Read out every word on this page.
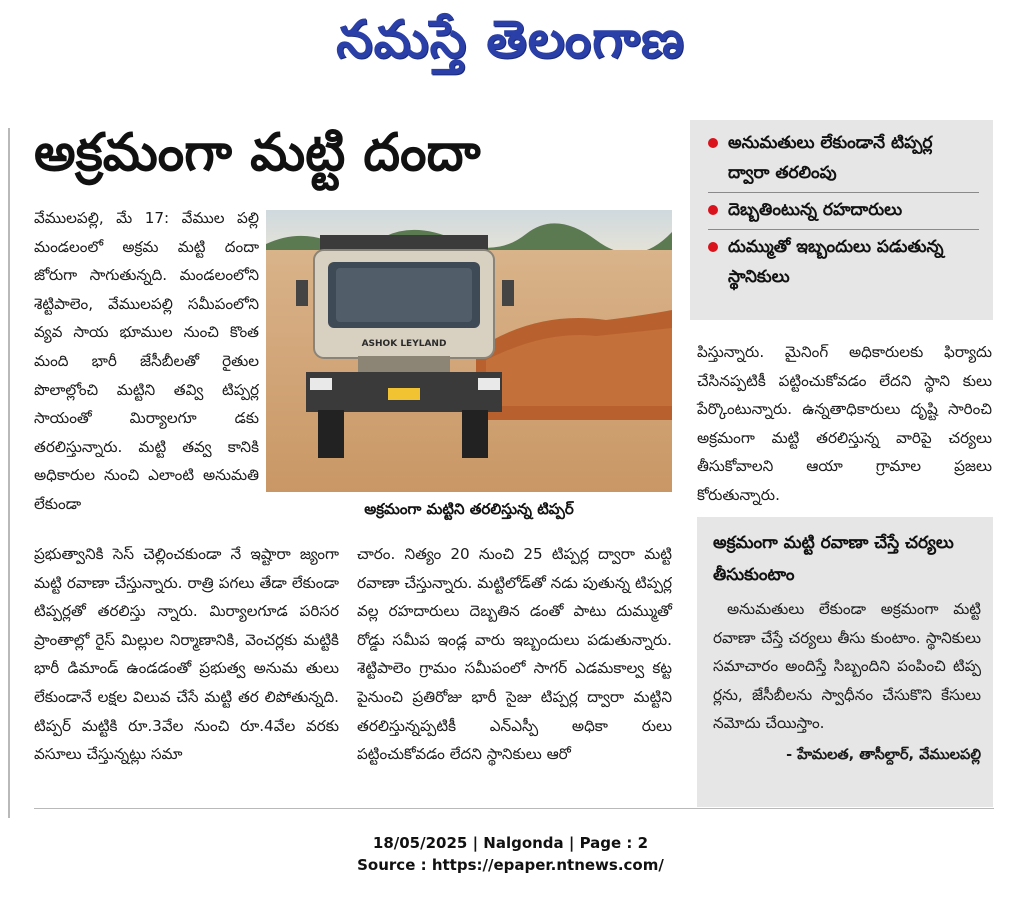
నమస్తే తెలంగాణ
అక్రమంగా మట్టి దందా	అనుమతులు లేకుండానే టిప్పర్ల ద్వారా తరలింపు
దెబ్బతింటున్న రహదారులు
దుమ్ముతో ఇబ్బందులు పడుతున్న స్థానికులు
వేములపల్లి, మే 17: వేముల పల్లి మండలంలో అక్రమ మట్టి దందా జోరుగా సాగుతున్నది. మండలంలోని శెట్టిపాలెం, వేములపల్లి సమీపంలోని వ్యవ సాయ భూముల నుంచి కొంత మంది భారీ జేసీబీలతో రైతుల పొలాల్లోంచి మట్టిని తవ్వి టిప్పర్ల సాయంతో మిర్యాలగూ డకు తరలిస్తున్నారు. మట్టి తవ్వ కానికి అధికారుల నుంచి ఎలాంటి అనుమతి లేకుండా
ASHOK LEYLAND
అక్రమంగా మట్టిని తరలిస్తున్న టిప్పర్
ప్రభుత్వానికి సెస్ చెల్లించకుండా నే ఇష్టారా జ్యంగా మట్టి రవాణా చేస్తున్నారు. రాత్రి పగలు తేడా లేకుండా టిప్పర్లతో తరలిస్తు న్నారు. మిర్యాలగూడ పరిసర ప్రాంతాల్లో రైస్ మిల్లుల నిర్మాణానికి, వెంచర్లకు మట్టికి భారీ డిమాండ్ ఉండడంతో ప్రభుత్వ అనుమ తులు లేకుండానే లక్షల విలువ చేసే మట్టి తర లిపోతున్నది. టిప్పర్ మట్టికి రూ.3వేల నుంచి రూ.4వేల వరకు వసూలు చేస్తున్నట్లు సమా
చారం. నిత్యం 20 నుంచి 25 టిప్పర్ల ద్వారా మట్టి రవాణా చేస్తున్నారు. మట్టిలోడ్‌తో నడు పుతున్న టిప్పర్ల వల్ల రహదారులు దెబ్బతిన డంతో పాటు దుమ్ముతో రోడ్డు సమీప ఇండ్ల వారు ఇబ్బందులు పడుతున్నారు. శెట్టిపాలెం గ్రామం సమీపంలో సాగర్ ఎడమకాల్వ కట్ట పైనుంచి ప్రతిరోజు భారీ సైజు టిప్పర్ల ద్వారా మట్టిని తరలిస్తున్నప్పటికీ ఎన్ఎస్పీ అధికా రులు పట్టించుకోవడం లేదని స్థానికులు ఆరో
పిస్తున్నారు. మైనింగ్ అధికారులకు ఫిర్యాదు చేసినప్పటికీ పట్టించుకోవడం లేదని స్థాని కులు పేర్కొంటున్నారు. ఉన్నతాధికారులు దృష్టి సారించి అక్రమంగా మట్టి తరలిస్తున్న వారిపై చర్యలు తీసుకోవాలని ఆయా గ్రామాల ప్రజలు కోరుతున్నారు.
అక్రమంగా మట్టి రవాణా చేస్తే చర్యలు తీసుకుంటాం
అనుమతులు లేకుండా అక్రమంగా మట్టి రవాణా చేస్తే చర్యలు తీసు కుంటాం. స్థానికులు సమాచారం అందిస్తే సిబ్బందిని పంపించి టిప్ప ర్లను, జేసీబీలను స్వాధీనం చేసుకొని కేసులు నమోదు చేయిస్తాం.
- హేమలత, తాసీల్దార్, వేములపల్లి
18/05/2025 | Nalgonda | Page : 2
Source : https://epaper.ntnews.com/
